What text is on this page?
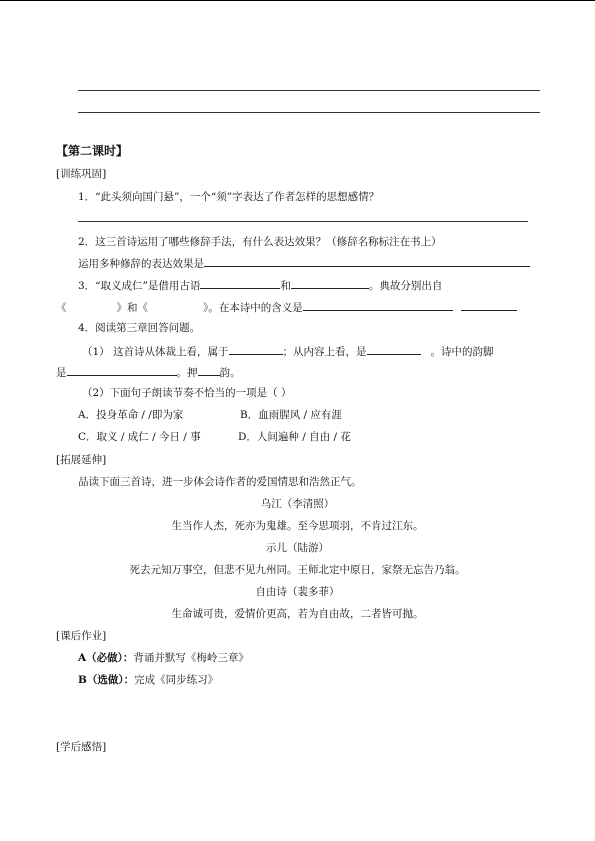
【第二课时】
[训练巩固]
1．“此头须向国门悬”，一个“须”字表达了作者怎样的思想感情？
2．这三首诗运用了哪些修辞手法，有什么表达效果？（修辞名称标注在书上）
运用多种修辞的表达效果是
3．“取义成仁”是借用古语	和	。典故分别出自
《	》和《	》。在本诗中的含义是
4．阅读第三章回答问题。
（1） 这首诗从体裁上看，属于	；从内容上看，是	。诗中的韵脚
是	。押 韵。
（2）下面句子朗读节奏不恰当的一项是（ ）
A．投身革命 / /即为家	B．血雨腥风 / 应有涯
C．取义 / 成仁 / 今日 / 事	D．人间遍种 / 自由 / 花
[拓展延伸]
品读下面三首诗，进一步体会诗作者的爱国情思和浩然正气。
乌江（李清照）
生当作人杰，死亦为鬼雄。至今思项羽，不肯过江东。
示儿（陆游）
死去元知万事空，但悲不见九州同。王师北定中原日，家祭无忘告乃翁。
自由诗（裴多菲）
生命诚可贵，爱情价更高，若为自由故，二者皆可抛。
[课后作业]
A（必做）：背诵并默写《梅岭三章》
B（选做）：完成《同步练习》
[学后感悟]
